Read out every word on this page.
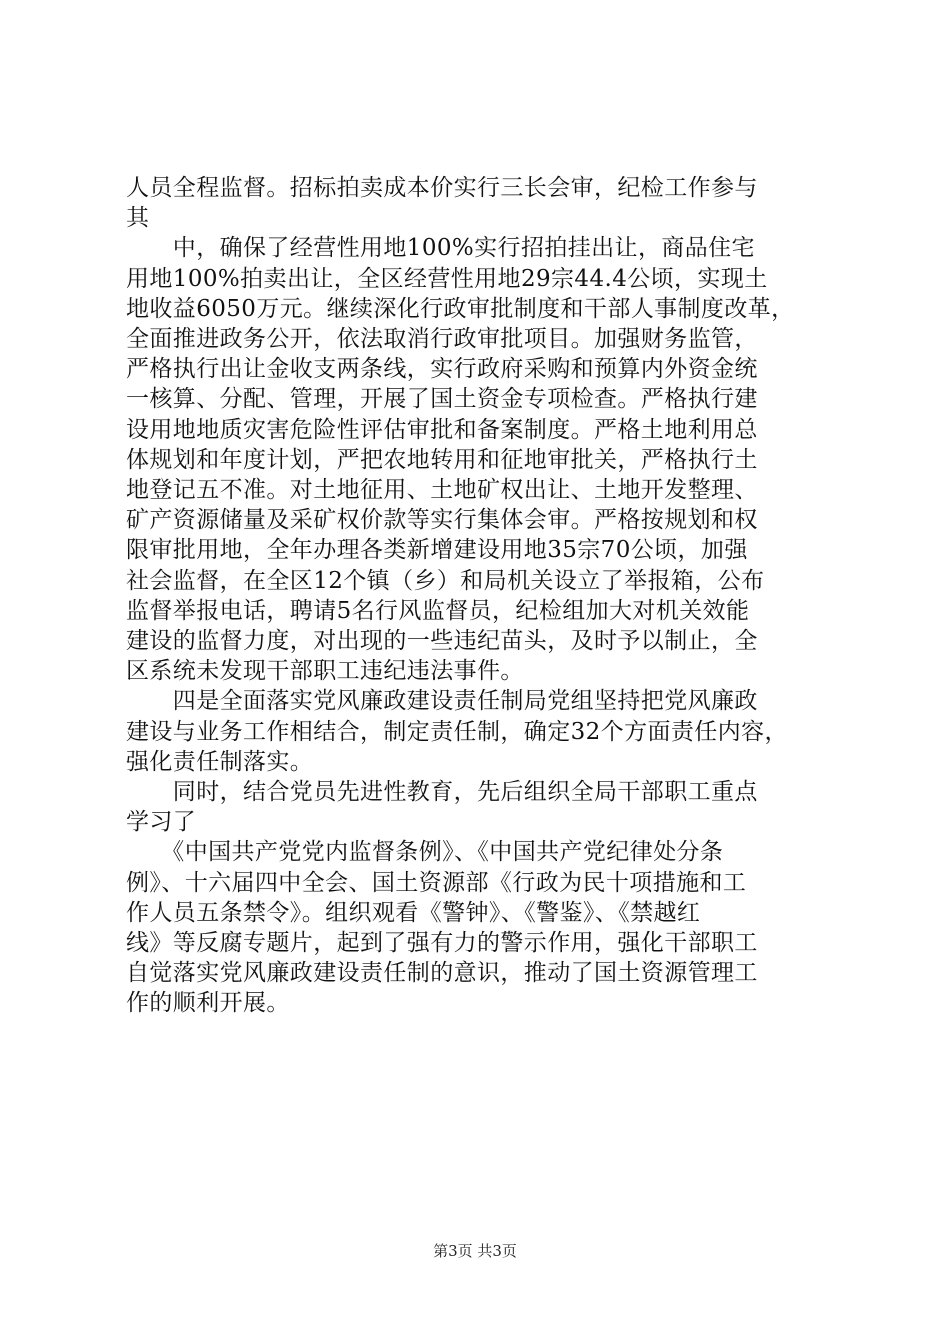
人员全程监督。招标拍卖成本价实行三长会审，纪检工作参与

其

　　中，确保了经营性用地100%实行招拍挂出让，商品住宅

用地100%拍卖出让，全区经营性用地29宗44.4公顷，实现土

地收益6050万元。继续深化行政审批制度和干部人事制度改革，

全面推进政务公开，依法取消行政审批项目。加强财务监管，

严格执行出让金收支两条线，实行政府采购和预算内外资金统

一核算、分配、管理，开展了国土资金专项检查。严格执行建

设用地地质灾害危险性评估审批和备案制度。严格土地利用总

体规划和年度计划，严把农地转用和征地审批关，严格执行土

地登记五不准。对土地征用、土地矿权出让、土地开发整理、

矿产资源储量及采矿权价款等实行集体会审。严格按规划和权

限审批用地，全年办理各类新增建设用地35宗70公顷，加强

社会监督，在全区12个镇（乡）和局机关设立了举报箱，公布

监督举报电话，聘请5名行风监督员，纪检组加大对机关效能

建设的监督力度，对出现的一些违纪苗头，及时予以制止，全

区系统未发现干部职工违纪违法事件。

　　四是全面落实党风廉政建设责任制局党组坚持把党风廉政

建设与业务工作相结合，制定责任制，确定32个方面责任内容，

强化责任制落实。

　　同时，结合党员先进性教育，先后组织全局干部职工重点

学习了

　　《中国共产党党内监督条例》、《中国共产党纪律处分条

例》、十六届四中全会、国土资源部《行政为民十项措施和工

作人员五条禁令》。组织观看《警钟》、《警鉴》、《禁越红

线》等反腐专题片，起到了强有力的警示作用，强化干部职工

自觉落实党风廉政建设责任制的意识，推动了国土资源管理工

作的顺利开展。

第3页 共3页
